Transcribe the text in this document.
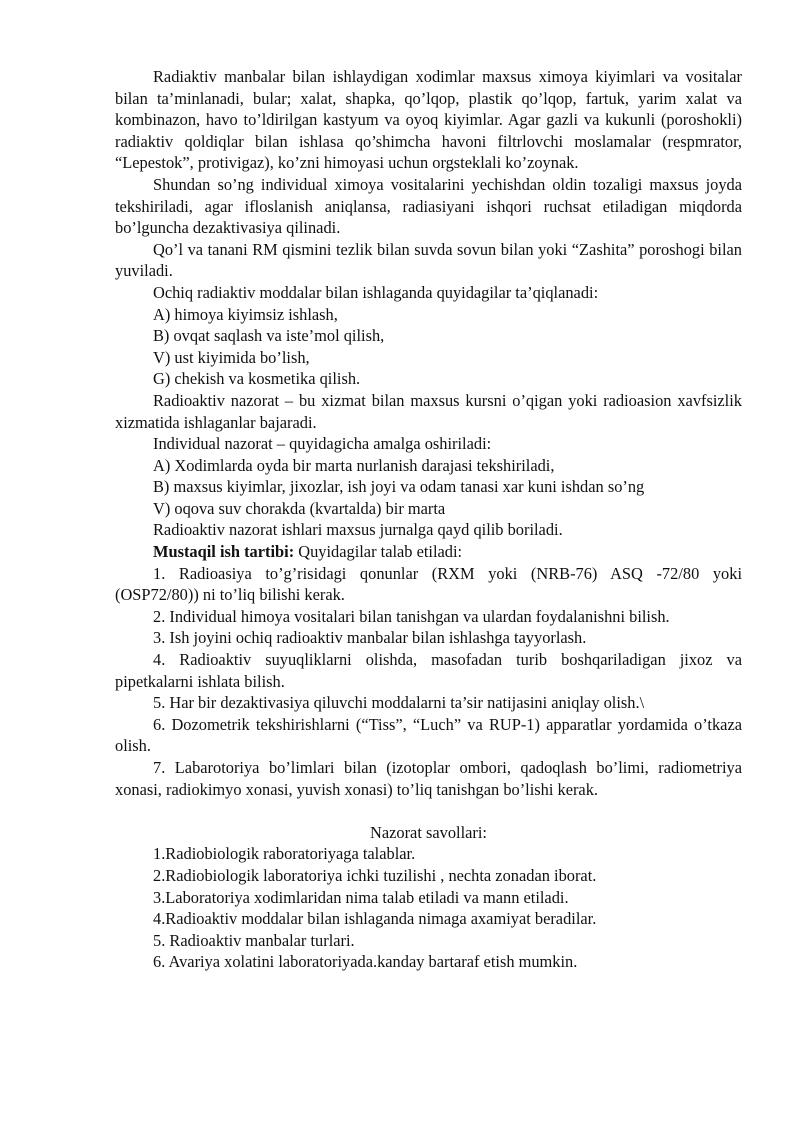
Radiaktiv manbalar bilan ishlaydigan xodimlar maxsus ximoya kiyimlari va vositalar bilan ta’minlanadi, bular; xalat, shapka, qo’lqop, plastik qo’lqop, fartuk, yarim xalat va kombinazon, havo to’ldirilgan kastyum va oyoq kiyimlar. Agar gazli va kukunli (poroshokli) radiaktiv qoldiqlar bilan ishlasa qo’shimcha havoni filtrlovchi moslamalar (respmrator, “Lepestok”, protivigaz), ko’zni himoyasi uchun orgsteklali ko’zoynak.

Shundan so’ng individual ximoya vositalarini yechishdan oldin tozaligi maxsus joyda tekshiriladi, agar ifloslanish aniqlansa, radiasiyani ishqori ruchsat etiladigan miqdorda bo’lguncha dezaktivasiya qilinadi.

Qo’l va tanani RM qismini tezlik bilan suvda sovun bilan yoki “Zashita” poroshogi bilan yuviladi.

Ochiq radiaktiv moddalar bilan ishlaganda quyidagilar ta’qiqlanadi:

A) himoya kiyimsiz ishlash,

B) ovqat saqlash va iste’mol qilish,

V) ust kiyimida bo’lish,

G) chekish va kosmetika qilish.

Radioaktiv nazorat – bu xizmat bilan maxsus kursni o’qigan yoki radioasion xavfsizlik xizmatida ishlaganlar bajaradi.

Individual nazorat – quyidagicha amalga oshiriladi:

A) Xodimlarda oyda bir marta nurlanish darajasi tekshiriladi,

B) maxsus kiyimlar, jixozlar, ish joyi va odam tanasi xar kuni ishdan so’ng

V) oqova suv chorakda (kvartalda) bir marta

Radioaktiv nazorat ishlari maxsus jurnalga qayd qilib boriladi.

Mustaqil ish tartibi: Quyidagilar talab etiladi:

1. Radioasiya to’g’risidagi qonunlar (RXM yoki (NRB-76) ASQ -72/80 yoki (OSP72/80)) ni to’liq bilishi kerak.

2. Individual himoya vositalari bilan tanishgan va ulardan foydalanishni bilish.

3. Ish joyini ochiq radioaktiv manbalar bilan ishlashga tayyorlash.

4. Radioaktiv suyuqliklarni olishda, masofadan turib boshqariladigan jixoz va pipetkalarni ishlata bilish.

5. Har bir dezaktivasiya qiluvchi moddalarni ta’sir natijasini aniqlay olish.\

6. Dozometrik tekshirishlarni (“Tiss”, “Luch” va RUP-1) apparatlar yordamida o’tkaza olish.

7. Labarotoriya bo’limlari bilan (izotoplar ombori, qadoqlash bo’limi, radiometriya xonasi, radiokimyo xonasi, yuvish xonasi) to’liq tanishgan bo’lishi kerak.

Nazorat savollari:

1.Radiobiologik raboratoriyaga talablar.

2.Radiobiologik laboratoriya ichki tuzilishi , nechta zonadan iborat.

3.Laboratoriya xodimlaridan nima talab etiladi va mann etiladi.

4.Radioaktiv moddalar bilan ishlaganda nimaga axamiyat beradilar.

5. Radioaktiv manbalar turlari.

6. Avariya xolatini laboratoriyada.kanday bartaraf etish mumkin.
